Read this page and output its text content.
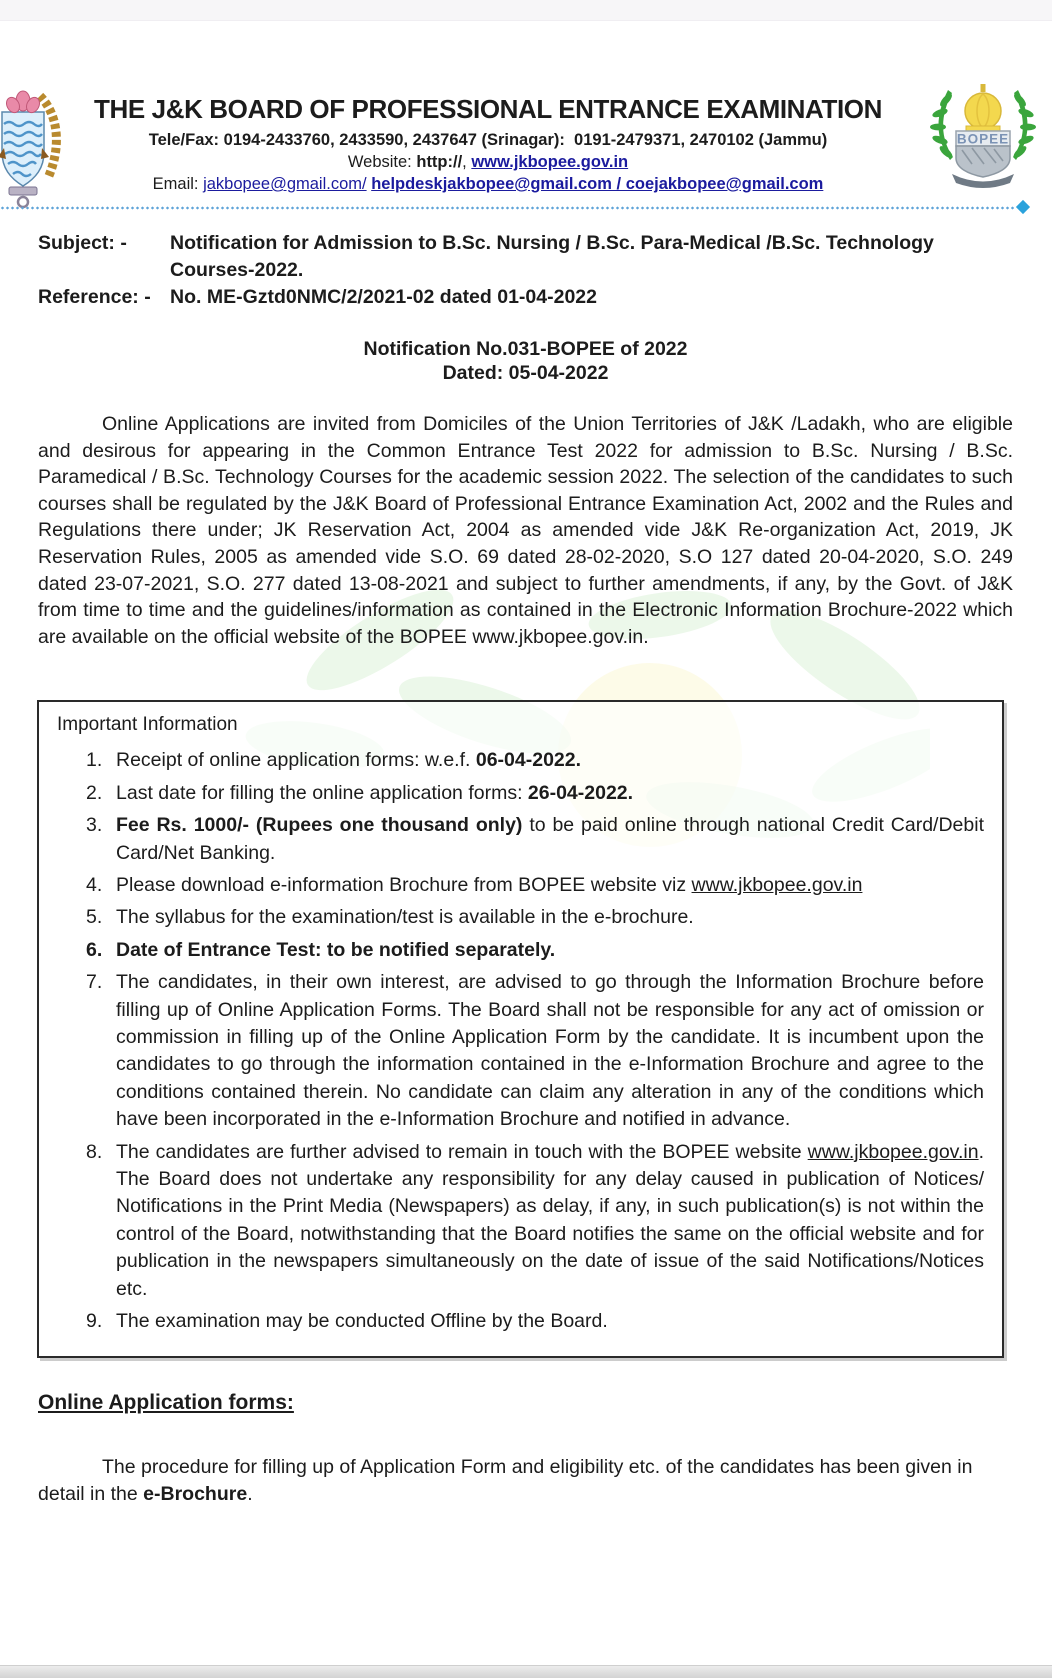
BOPEE
THE J&K BOARD OF PROFESSIONAL ENTRANCE EXAMINATION
Tele/Fax: 0194-2433760, 2433590, 2437647 (Srinagar):  0191-2479371, 2470102 (Jammu)
Website: http://, www.jkbopee.gov.in
Email: jakbopee@gmail.com/ helpdeskjakbopee@gmail.com / coejakbopee@gmail.com
Subject: -	Notification for Admission to B.Sc. Nursing / B.Sc. Para-Medical /B.Sc. Technology Courses-2022.
Reference: - No. ME-Gztd0NMC/2/2021-02 dated 01-04-2022
Notification No.031-BOPEE of 2022
Dated: 05-04-2022
Online Applications are invited from Domiciles of the Union Territories of J&K /Ladakh, who are eligible and desirous for appearing in the Common Entrance Test 2022 for admission to B.Sc. Nursing / B.Sc. Paramedical / B.Sc. Technology Courses for the academic session 2022. The selection of the candidates to such courses shall be regulated by the J&K Board of Professional Entrance Examination Act, 2002 and the Rules and Regulations there under; JK Reservation Act, 2004 as amended vide J&K Re-organization Act, 2019, JK Reservation Rules, 2005 as amended vide S.O. 69 dated 28-02-2020, S.O 127 dated 20-04-2020, S.O. 249 dated 23-07-2021, S.O. 277 dated 13-08-2021 and subject to further amendments, if any, by the Govt. of J&K from time to time and the guidelines/information as contained in the Electronic Information Brochure-2022 which are available on the official website of the BOPEE www.jkbopee.gov.in.
Important Information
1. Receipt of online application forms: w.e.f. 06-04-2022.
2. Last date for filling the online application forms: 26-04-2022.
3. Fee Rs. 1000/- (Rupees one thousand only) to be paid online through national Credit Card/Debit Card/Net Banking.
4. Please download e-information Brochure from BOPEE website viz www.jkbopee.gov.in
5. The syllabus for the examination/test is available in the e-brochure.
6. Date of Entrance Test: to be notified separately.
7. The candidates, in their own interest, are advised to go through the Information Brochure before filling up of Online Application Forms. The Board shall not be responsible for any act of omission or commission in filling up of the Online Application Form by the candidate. It is incumbent upon the candidates to go through the information contained in the e-Information Brochure and agree to the conditions contained therein. No candidate can claim any alteration in any of the conditions which have been incorporated in the e-Information Brochure and notified in advance.
8. The candidates are further advised to remain in touch with the BOPEE website www.jkbopee.gov.in. The Board does not undertake any responsibility for any delay caused in publication of Notices/ Notifications in the Print Media (Newspapers) as delay, if any, in such publication(s) is not within the control of the Board, notwithstanding that the Board notifies the same on the official website and for publication in the newspapers simultaneously on the date of issue of the said Notifications/Notices etc.
9. The examination may be conducted Offline by the Board.
Online Application forms:
The procedure for filling up of Application Form and eligibility etc. of the candidates has been given in detail in the e-Brochure.
